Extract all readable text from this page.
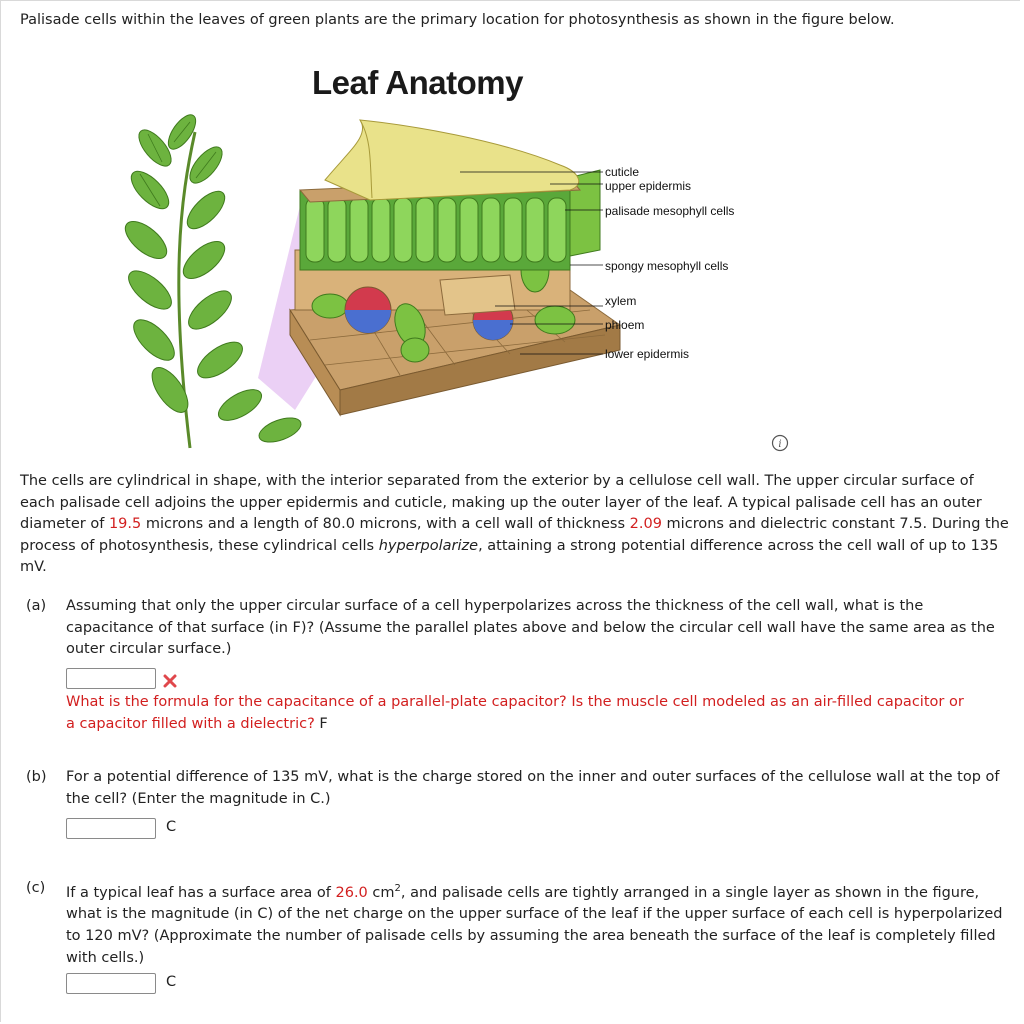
Palisade cells within the leaves of green plants are the primary location for photosynthesis as shown in the figure below.
Leaf Anatomy
cuticle
upper epidermis
palisade mesophyll cells
spongy mesophyll cells
xylem
phloem
lower epidermis
i
The cells are cylindrical in shape, with the interior separated from the exterior by a cellulose cell wall. The upper circular surface of each palisade cell adjoins the upper epidermis and cuticle, making up the outer layer of the leaf. A typical palisade cell has an outer diameter of 19.5 microns and a length of 80.0 microns, with a cell wall of thickness 2.09 microns and dielectric constant 7.5. During the process of photosynthesis, these cylindrical cells hyperpolarize, attaining a strong potential difference across the cell wall of up to 135 mV.
(a) Assuming that only the upper circular surface of a cell hyperpolarizes across the thickness of the cell wall, what is the capacitance of that surface (in F)? (Assume the parallel plates above and below the circular cell wall have the same area as the outer circular surface.)
What is the formula for the capacitance of a parallel-plate capacitor? Is the muscle cell modeled as an air-filled capacitor or a capacitor filled with a dielectric? F
(b) For a potential difference of 135 mV, what is the charge stored on the inner and outer surfaces of the cellulose wall at the top of the cell? (Enter the magnitude in C.)
C
(c) If a typical leaf has a surface area of 26.0 $cm^2$, and palisade cells are tightly arranged in a single layer as shown in the figure, what is the magnitude (in C) of the net charge on the upper surface of the leaf if the upper surface of each cell is hyperpolarized to 120 mV? (Approximate the number of palisade cells by assuming the area beneath the surface of the leaf is completely filled with cells.)
C
